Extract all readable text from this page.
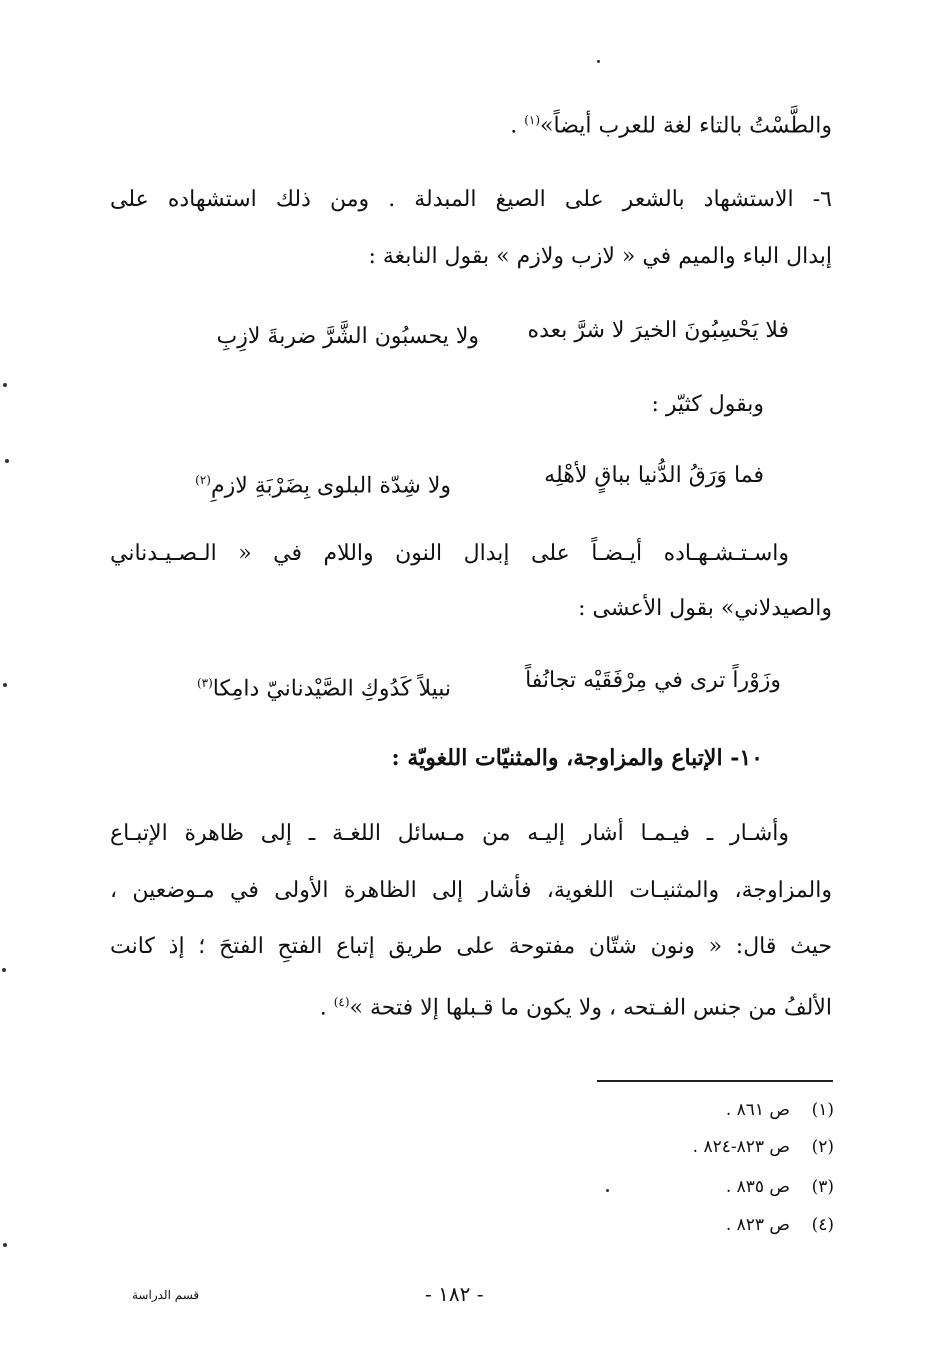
والطَّسْتُ بالتاء لغة للعرب أيضاً»$^{(١)}$ .
٦- الاستشهاد بالشعر على الصيغ المبدلة . ومن ذلك استشهاده على
إبدال الباء والميم في « لازب ولازم » بقول النابغة :
فلا يَحْسِبُونَ الخيرَ لا شرَّ بعده
ولا يحسبُون الشَّرَّ ضربةَ لازِبِ
وبقول كثيّر :
فما وَرَقُ الدُّنيا بباقٍ لأهْلِه
ولا شِدّة البلوى بِضَرْبَةِ لازمِ$^{(٢)}$
واسـتـشـهـاده أيـضـاً على إبدال النون واللام في « الـصـيـدناني
والصيدلاني» بقول الأعشى :
وزَوْراً ترى في مِرْفَقَيْه تجانُفاً
نبيلاً كَدُوكِ الصَّيْدنانيّ دامِكا$^{(٣)}$
١٠- الإتباع والمزاوجة، والمثنيّات اللغويّة :
وأشـار ـ فيـمـا أشار إليـه من مـسائل اللغـة ـ إلى ظاهرة الإتبـاع
والمزاوجة، والمثنيـات اللغوية، فأشار إلى الظاهرة الأولى في مـوضعين ،
حيث قال: « ونون شتّان مفتوحة على طريق إتباع الفتحِ الفتحَ ؛ إذ كانت
الألفُ من جنس الفـتحه ، ولا يكون ما قـبلها إلا فتحة »$^{(٤)}$ .
(١)ص ٨٦١ .
(٢)ص ٨٢٣-٨٢٤ .
(٣)ص ٨٣٥ .
(٤)ص ٨٢٣ .
- ١٨٢ -
قسم الدراسة
